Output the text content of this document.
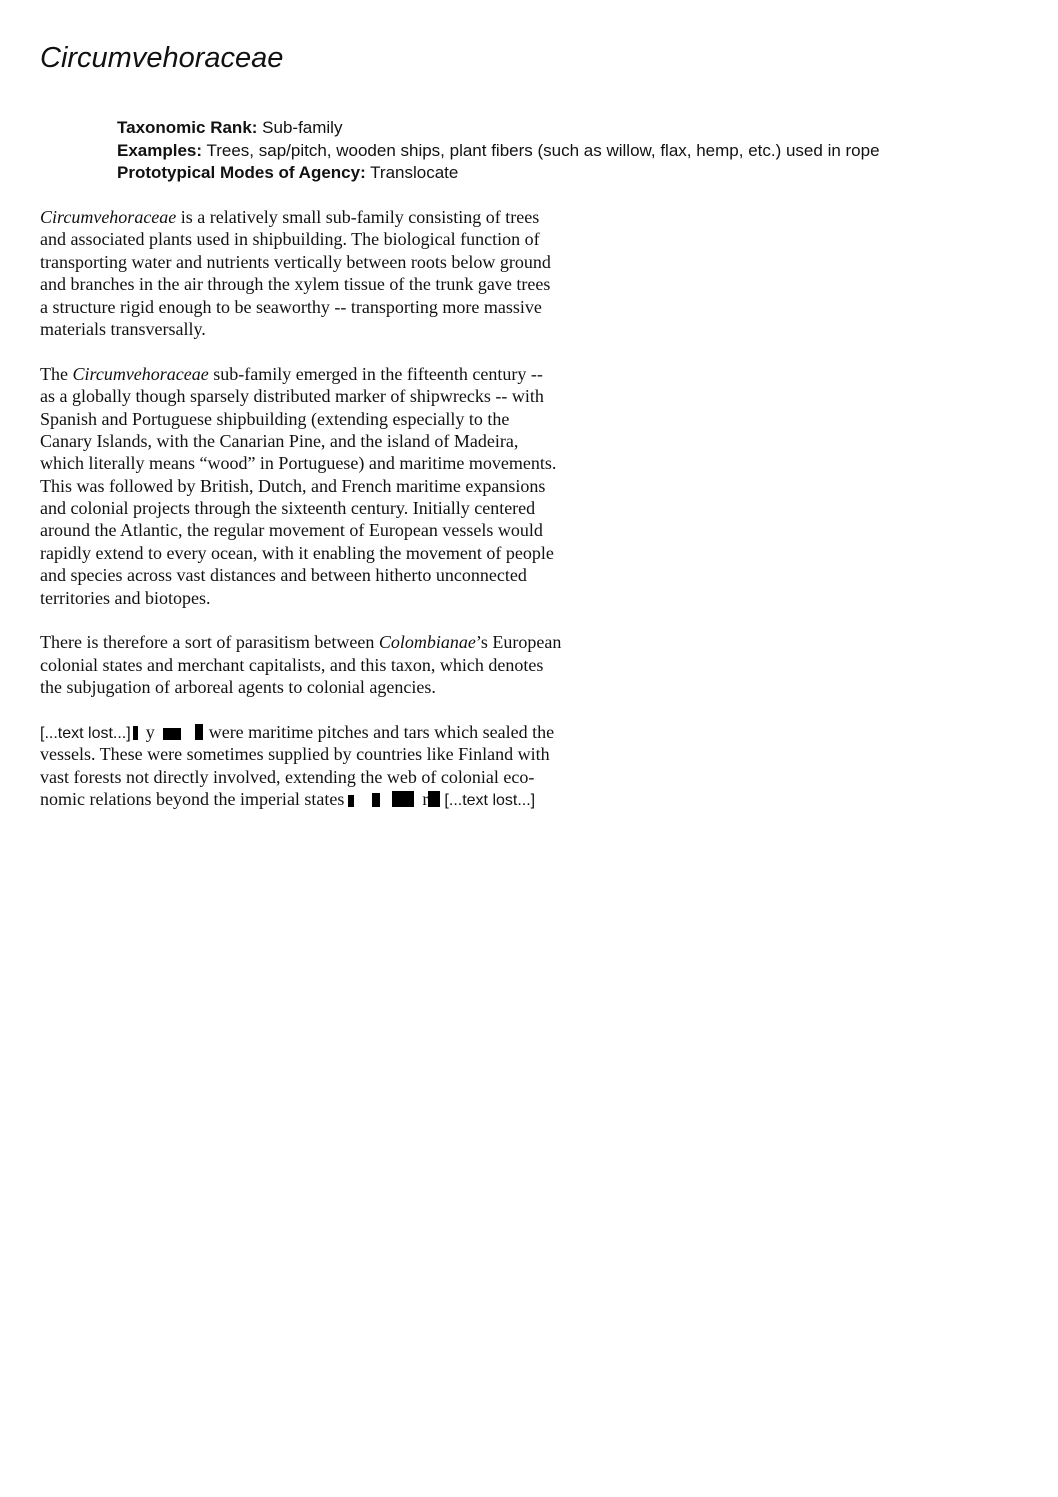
Circumvehoraceae
Taxonomic Rank: Sub-family
Examples: Trees, sap/pitch, wooden ships, plant fibers (such as willow, flax, hemp, etc.) used in rope
Prototypical Modes of Agency: Translocate

Circumvehoraceae is a relatively small sub-family consisting of trees
and associated plants used in shipbuilding. The biological function of
transporting water and nutrients vertically between roots below ground
and branches in the air through the xylem tissue of the trunk gave trees
a structure rigid enough to be seaworthy -- transporting more massive
materials transversally.

The Circumvehoraceae sub-family emerged in the fifteenth century --
as a globally though sparsely distributed marker of shipwrecks -- with
Spanish and Portuguese shipbuilding (extending especially to the
Canary Islands, with the Canarian Pine, and the island of Madeira,
which literally means “wood” in Portuguese) and maritime movements.
This was followed by British, Dutch, and French maritime expansions
and colonial projects through the sixteenth century. Initially centered
around the Atlantic, the regular movement of European vessels would
rapidly extend to every ocean, with it enabling the movement of people
and species across vast distances and between hitherto unconnected
territories and biotopes.

There is therefore a sort of parasitism between Colombianae’s European
colonial states and merchant capitalists, and this taxon, which denotes
the subjugation of arboreal agents to colonial agencies.

[...text lost...] y	were maritime pitches and tars which sealed the
vessels. These were sometimes supplied by countries like Finland with
vast forests not directly involved, extending the web of colonial eco-
nomic relations beyond the imperial states	r [...text lost...]
